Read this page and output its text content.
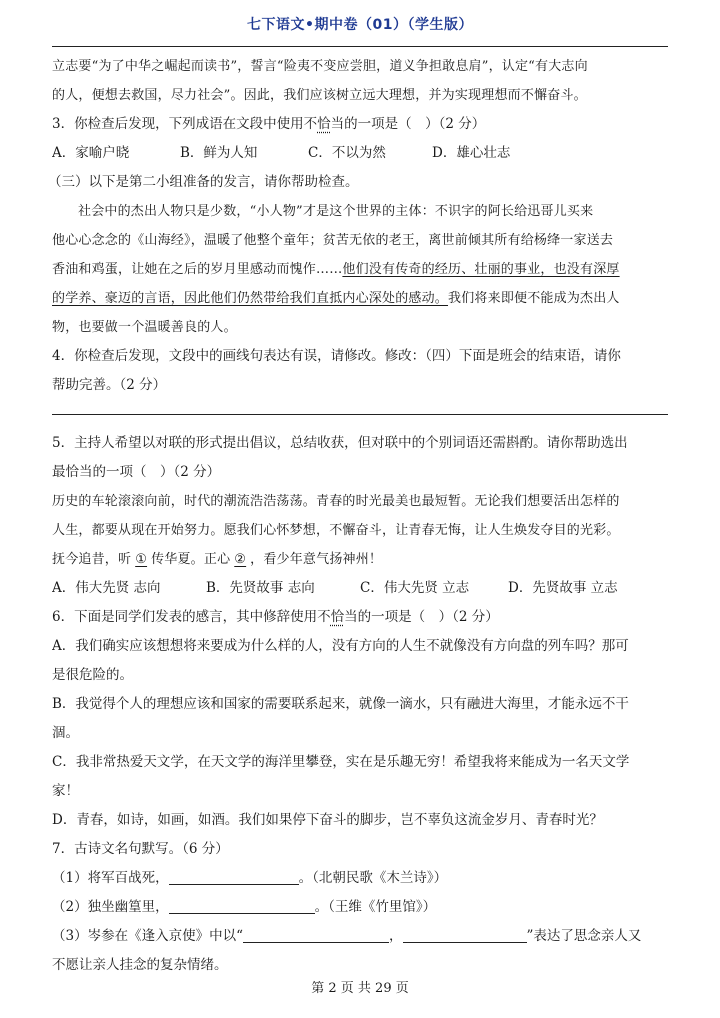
七下语文•期中卷（01）（学生版）
立志要“为了中华之崛起而读书”，誓言“险夷不变应尝胆，道义争担敢息肩”，认定“有大志向
的人，便想去救国，尽力社会”。因此，我们应该树立远大理想，并为实现理想而不懈奋斗。
3．你检查后发现，下列成语在文段中使用不恰当的一项是（　）（2 分）
A．家喻户晓	B．鲜为人知	C．不以为然	D．雄心壮志
（三）以下是第二小组准备的发言，请你帮助检查。
社会中的杰出人物只是少数，“小人物”才是这个世界的主体：不识字的阿长给迅哥儿买来
他心心念念的《山海经》，温暖了他整个童年；贫苦无依的老王，离世前倾其所有给杨绛一家送去
香油和鸡蛋，让她在之后的岁月里感动而愧作……他们没有传奇的经历、壮丽的事业，也没有深厚
的学养、豪迈的言语，因此他们仍然带给我们直抵内心深处的感动。我们将来即便不能成为杰出人
物，也要做一个温暖善良的人。
4．你检查后发现，文段中的画线句表达有误，请修改。修改：（四）下面是班会的结束语，请你
帮助完善。（2 分）
5．主持人希望以对联的形式提出倡议，总结收获，但对联中的个别词语还需斟酌。请你帮助选出
最恰当的一项（　）（2 分）
历史的车轮滚滚向前，时代的潮流浩浩荡荡。青春的时光最美也最短暂。无论我们想要活出怎样的
人生，都要从现在开始努力。愿我们心怀梦想，不懈奋斗，让青春无悔，让人生焕发夺目的光彩。
抚今追昔，听 ① 传华夏。正心 ② ，看少年意气扬神州！
A．伟大先贤 志向	B．先贤故事 志向	C．伟大先贤 立志	D．先贤故事 立志
6．下面是同学们发表的感言，其中修辞使用不恰当的一项是（　）（2 分）
A．我们确实应该想想将来要成为什么样的人，没有方向的人生不就像没有方向盘的列车吗？那可
是很危险的。
B．我觉得个人的理想应该和国家的需要联系起来，就像一滴水，只有融进大海里，才能永远不干
涸。
C．我非常热爱天文学，在天文学的海洋里攀登，实在是乐趣无穷！希望我将来能成为一名天文学
家！
D．青春，如诗，如画，如酒。我们如果停下奋斗的脚步，岂不辜负这流金岁月、青春时光？
7．古诗文名句默写。（6 分）
（1）将军百战死，	。（北朝民歌《木兰诗》）
（2）独坐幽篁里，	。（王维《竹里馆》）
（3）岑参在《逢入京使》中以“	，	”表达了思念亲人又
不愿让亲人挂念的复杂情绪。
第 2 页 共 29 页
